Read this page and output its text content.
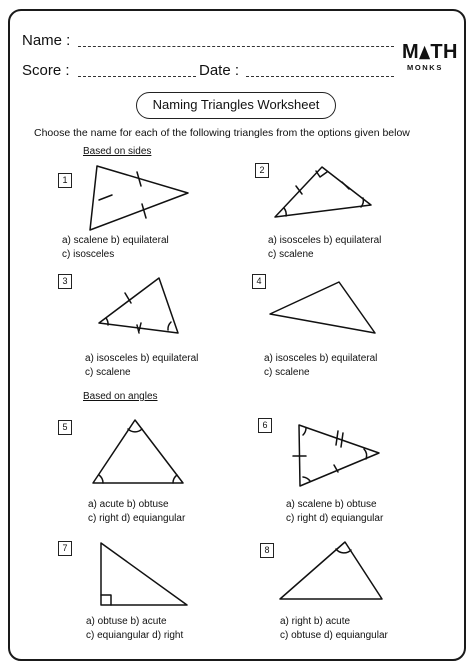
Name :
Score :	Date :
M TH
MONKS
Naming Triangles Worksheet
Choose the name for each of the following triangles from the options given below
Based on sides
1
a) scalene b) equilateral
c) isosceles
2
a) isosceles b) equilateral
c) scalene
3
a) isosceles b) equilateral
c) scalene
4
a) isosceles b) equilateral
c) scalene
Based on angles
5
a) acute b) obtuse
c) right d) equiangular
6
a) scalene b) obtuse
c) right d) equiangular
7
a) obtuse b) acute
c) equiangular d) right
8
a) right b) acute
c) obtuse d) equiangular
